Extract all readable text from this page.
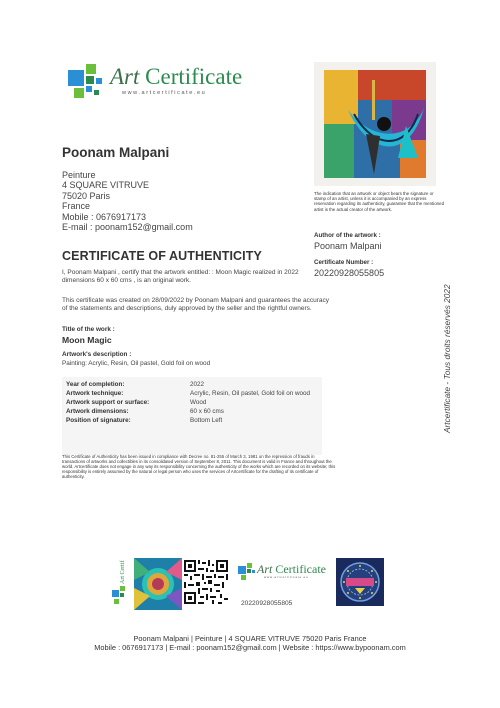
Art Certificate
www.artcertificate.eu
The indication that an artwork or object bears the signature or stamp of an artist, unless it is accompanied by an express reservation regarding its authenticity, guarantee that the mentioned artist is the actual creator of the artwork.
Poonam Malpani
Peinture
4 SQUARE VITRUVE
75020 Paris
France
Mobile : 0676917173
E-mail : poonam152@gmail.com
Author of the artwork :
Poonam Malpani
Certificate Number :
20220928055805
CERTIFICATE OF AUTHENTICITY
I, Poonam Malpani , certify that the artwork entitled: : Moon Magic realized in 2022 dimensions 60 x 60 cms , is an original work.
This certificate was created on 28/09/2022 by Poonam Malpani and guarantees the accuracy of the statements and descriptions, duly approved by the seller and the rightful owners.
Title of the work :
Moon Magic
Artwork's description :
Painting: Acrylic, Resin, Oil pastel, Gold foil on wood
Year of completion:	2022
Artwork technique:	Acrylic, Resin, Oil pastel, Gold foil on wood
Artwork support or surface:	Wood
Artwork dimensions:	60 x 60 cms
Position of signature:	Bottom Left
This Certificate of Authenticity has been issued in compliance with Decree no. 81-255 of March 3, 1981 on the repression of frauds in transactions of artworks and collectibles in its consolidated version of September 8, 2011. This document is valid in France and throughout the world. Artcertificate does not engage in any way its responsibility concerning the authenticity of the works which are recorded on its website; this responsibility is entirely assumed by the natural or legal person who uses the services of Artcertificate for the drafting of its certificate of authenticity.
Artcertificate - Tous droits réservés 2022
Art Certificate	Art Certificate
www.artcertificate.eu
20220928055805
Poonam Malpani | Peinture | 4 SQUARE VITRUVE 75020 Paris France
Mobile : 0676917173 | E-mail : poonam152@gmail.com | Website : https://www.bypoonam.com
